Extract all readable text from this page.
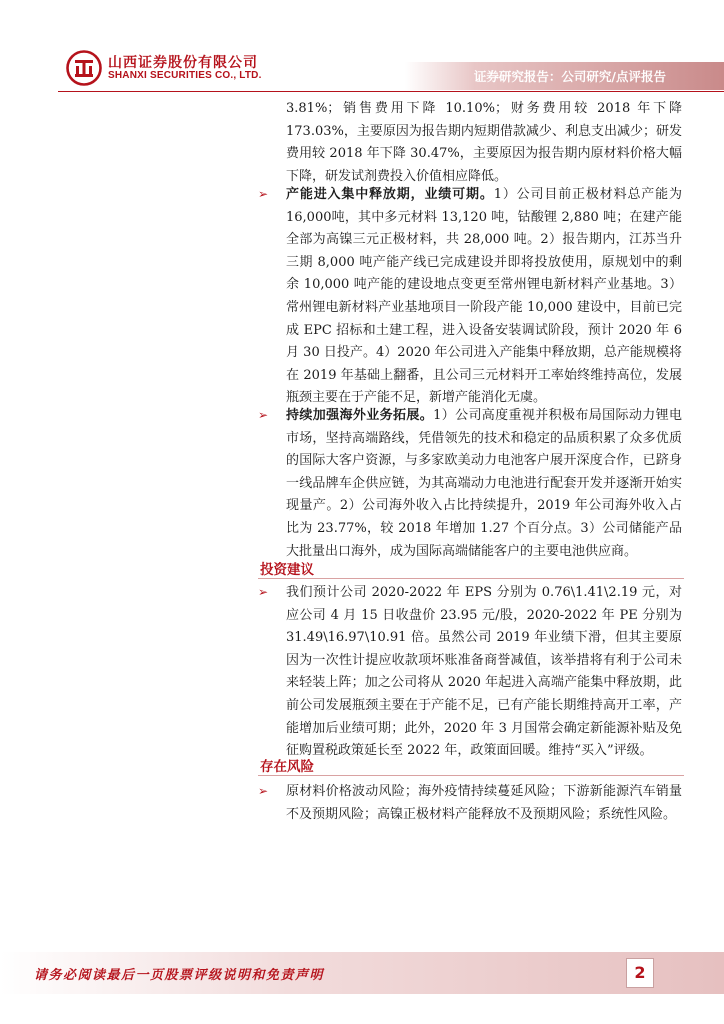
山西证券股份有限公司
SHANXI SECURITIES CO., LTD.	证券研究报告：公司研究/点评报告

3.81%；销售费用下降 10.10%；财务费用较 2018 年下降 173.03%，主要原因为报告期内短期借款减少、利息支出减少；研发费用较 2018 年下降 30.47%，主要原因为报告期内原材料价格大幅下降，研发试剂费投入价值相应降低。

➢ 产能进入集中释放期，业绩可期。1）公司目前正极材料总产能为16,000吨，其中多元材料 13,120 吨，钴酸锂 2,880 吨；在建产能全部为高镍三元正极材料，共 28,000 吨。2）报告期内，江苏当升三期 8,000 吨产能产线已完成建设并即将投放使用，原规划中的剩余 10,000 吨产能的建设地点变更至常州锂电新材料产业基地。3）常州锂电新材料产业基地项目一阶段产能 10,000 建设中，目前已完成 EPC 招标和土建工程，进入设备安装调试阶段，预计 2020 年 6 月 30 日投产。4）2020 年公司进入产能集中释放期，总产能规模将在 2019 年基础上翻番，且公司三元材料开工率始终维持高位，发展瓶颈主要在于产能不足，新增产能消化无虞。

➢ 持续加强海外业务拓展。1）公司高度重视并积极布局国际动力锂电市场，坚持高端路线，凭借领先的技术和稳定的品质积累了众多优质的国际大客户资源，与多家欧美动力电池客户展开深度合作，已跻身一线品牌车企供应链，为其高端动力电池进行配套开发并逐渐开始实现量产。2）公司海外收入占比持续提升，2019 年公司海外收入占比为 23.77%，较 2018 年增加 1.27 个百分点。3）公司储能产品大批量出口海外，成为国际高端储能客户的主要电池供应商。

投资建议
➢ 我们预计公司 2020-2022 年 EPS 分别为 0.76\1.41\2.19 元，对应公司 4 月 15 日收盘价 23.95 元/股，2020-2022 年 PE 分别为 31.49\16.97\10.91 倍。虽然公司 2019 年业绩下滑，但其主要原因为一次性计提应收款项坏账准备商誉减值，该举措将有利于公司未来轻装上阵；加之公司将从 2020 年起进入高端产能集中释放期，此前公司发展瓶颈主要在于产能不足，已有产能长期维持高开工率，产能增加后业绩可期；此外，2020 年 3 月国常会确定新能源补贴及免征购置税政策延长至 2022 年，政策面回暖。维持“买入”评级。

存在风险
➢ 原材料价格波动风险；海外疫情持续蔓延风险；下游新能源汽车销量不及预期风险；高镍正极材料产能释放不及预期风险；系统性风险。

请务必阅读最后一页股票评级说明和免责声明	2
